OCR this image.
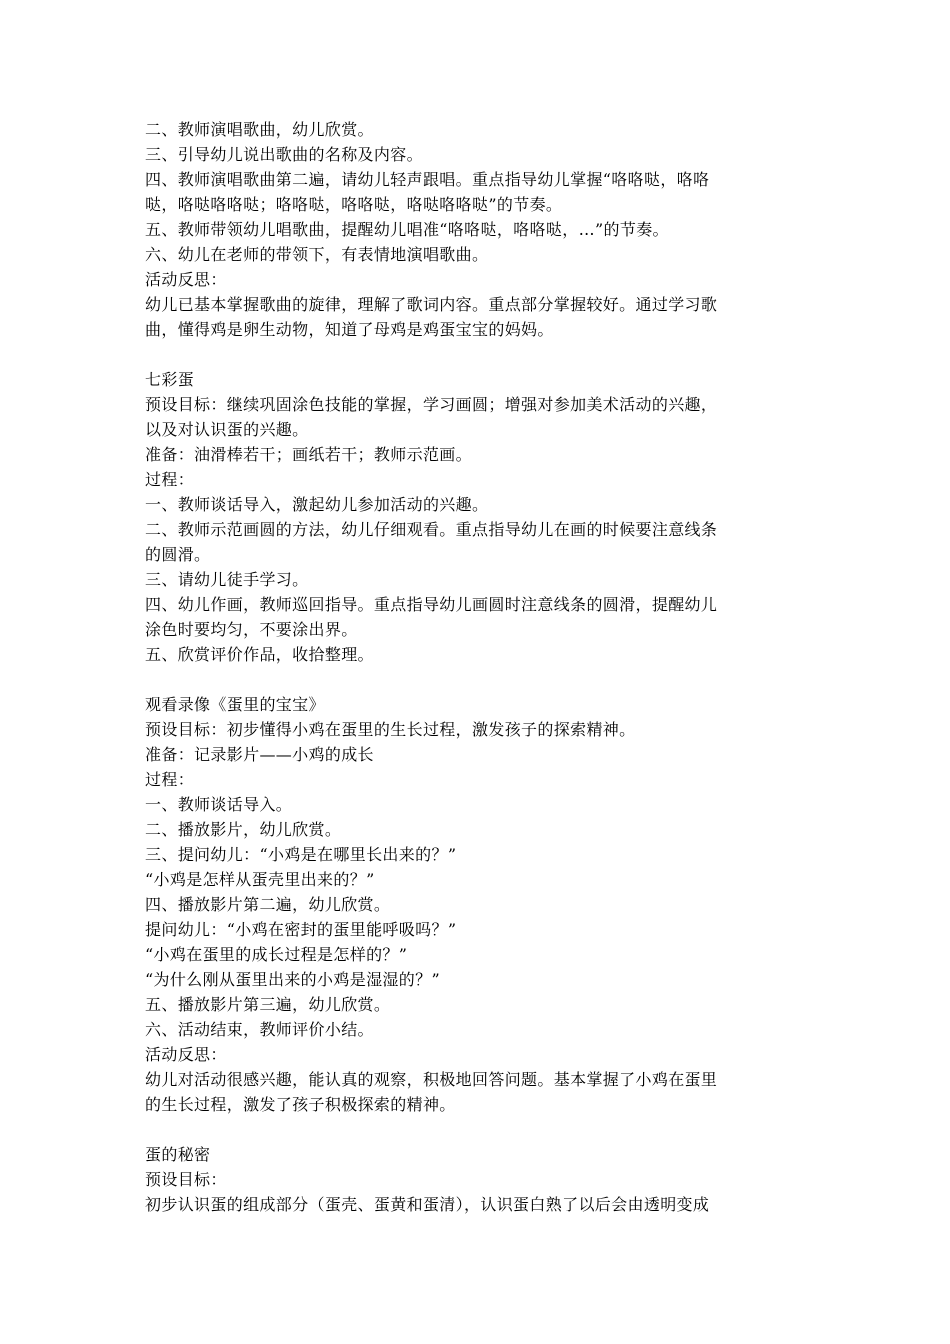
二、教师演唱歌曲，幼儿欣赏。
三、引导幼儿说出歌曲的名称及内容。
四、教师演唱歌曲第二遍，请幼儿轻声跟唱。重点指导幼儿掌握“咯咯哒，咯咯
哒，咯哒咯咯哒；咯咯哒，咯咯哒，咯哒咯咯哒”的节奏。
五、教师带领幼儿唱歌曲，提醒幼儿唱准“咯咯哒，咯咯哒，…”的节奏。
六、幼儿在老师的带领下，有表情地演唱歌曲。
活动反思：
幼儿已基本掌握歌曲的旋律，理解了歌词内容。重点部分掌握较好。通过学习歌
曲，懂得鸡是卵生动物，知道了母鸡是鸡蛋宝宝的妈妈。
七彩蛋
预设目标：继续巩固涂色技能的掌握，学习画圆；增强对参加美术活动的兴趣，
以及对认识蛋的兴趣。
准备：油滑棒若干；画纸若干；教师示范画。
过程：
一、教师谈话导入，激起幼儿参加活动的兴趣。
二、教师示范画圆的方法，幼儿仔细观看。重点指导幼儿在画的时候要注意线条
的圆滑。
三、请幼儿徒手学习。
四、幼儿作画，教师巡回指导。重点指导幼儿画圆时注意线条的圆滑，提醒幼儿
涂色时要均匀，不要涂出界。
五、欣赏评价作品，收拾整理。
观看录像《蛋里的宝宝》
预设目标：初步懂得小鸡在蛋里的生长过程，激发孩子的探索精神。
准备：记录影片——小鸡的成长
过程：
一、教师谈话导入。
二、播放影片，幼儿欣赏。
三、提问幼儿：“小鸡是在哪里长出来的？”
“小鸡是怎样从蛋壳里出来的？”
四、播放影片第二遍，幼儿欣赏。
提问幼儿：“小鸡在密封的蛋里能呼吸吗？”
“小鸡在蛋里的成长过程是怎样的？”
“为什么刚从蛋里出来的小鸡是湿湿的？”
五、播放影片第三遍，幼儿欣赏。
六、活动结束，教师评价小结。
活动反思：
幼儿对活动很感兴趣，能认真的观察，积极地回答问题。基本掌握了小鸡在蛋里
的生长过程，激发了孩子积极探索的精神。
蛋的秘密
预设目标：
初步认识蛋的组成部分（蛋壳、蛋黄和蛋清），认识蛋白熟了以后会由透明变成
